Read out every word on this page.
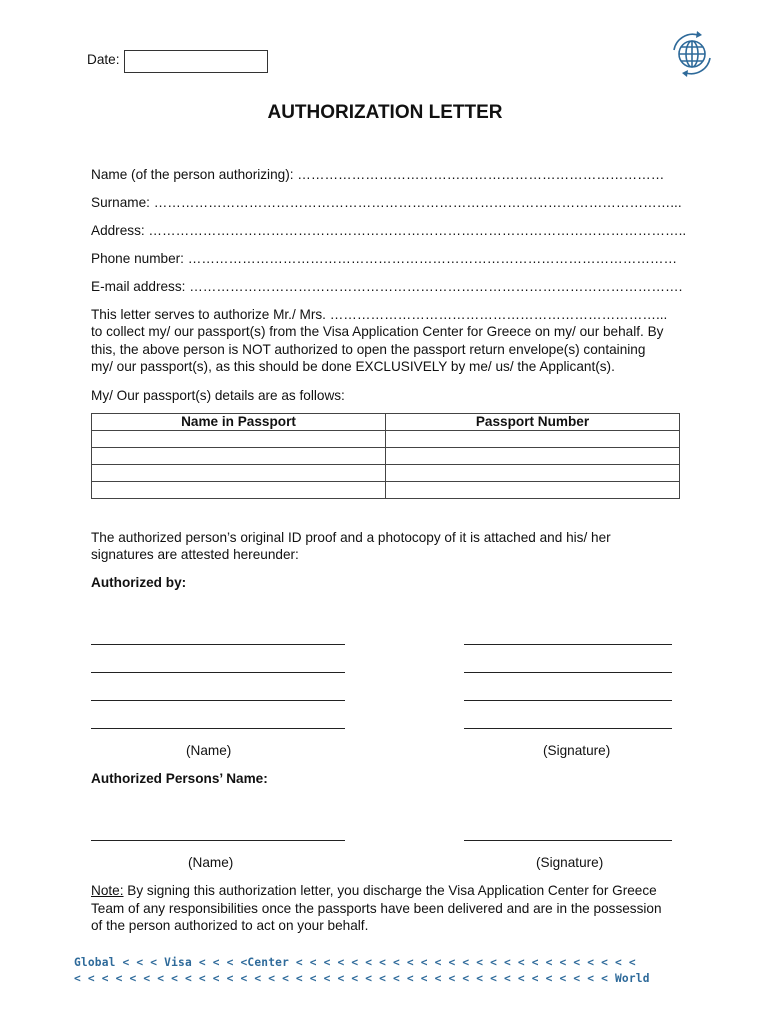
Date:
AUTHORIZATION LETTER
Name (of the person authorizing): ………………………………………………………………………
Surname: ……………………………………………………………………………………………………...
Address: ………………………………………………………………………………………………………..
Phone number: ………………………………………………………………………………………………
E-mail address: ……………………………………………………………………………………………….
This letter serves to authorize Mr./ Mrs. ………………………………………………………………...
to collect my/ our passport(s) from the Visa Application Center for Greece on my/ our behalf. By
this, the above person is NOT authorized to open the passport return envelope(s) containing
my/ our passport(s), as this should be done EXCLUSIVELY by me/ us/ the Applicant(s).
My/ Our passport(s) details are as follows:
Name in Passport	Passport Number

The authorized person’s original ID proof and a photocopy of it is attached and his/ her
signatures are attested hereunder:
Authorized by:
(Name)	(Signature)
Authorized Persons’ Name:
(Name)	(Signature)
Note: By signing this authorization letter, you discharge the Visa Application Center for Greece
Team of any responsibilities once the passports have been delivered and are in the possession
of the person authorized to act on your behalf.
Global < < < Visa < < < <Center < < < < < < < < < < < < < < < < < < < < < < < < <
< < < < < < < < < < < < < < < < < < < < < < < < < < < < < < < < < < < < < < < World
